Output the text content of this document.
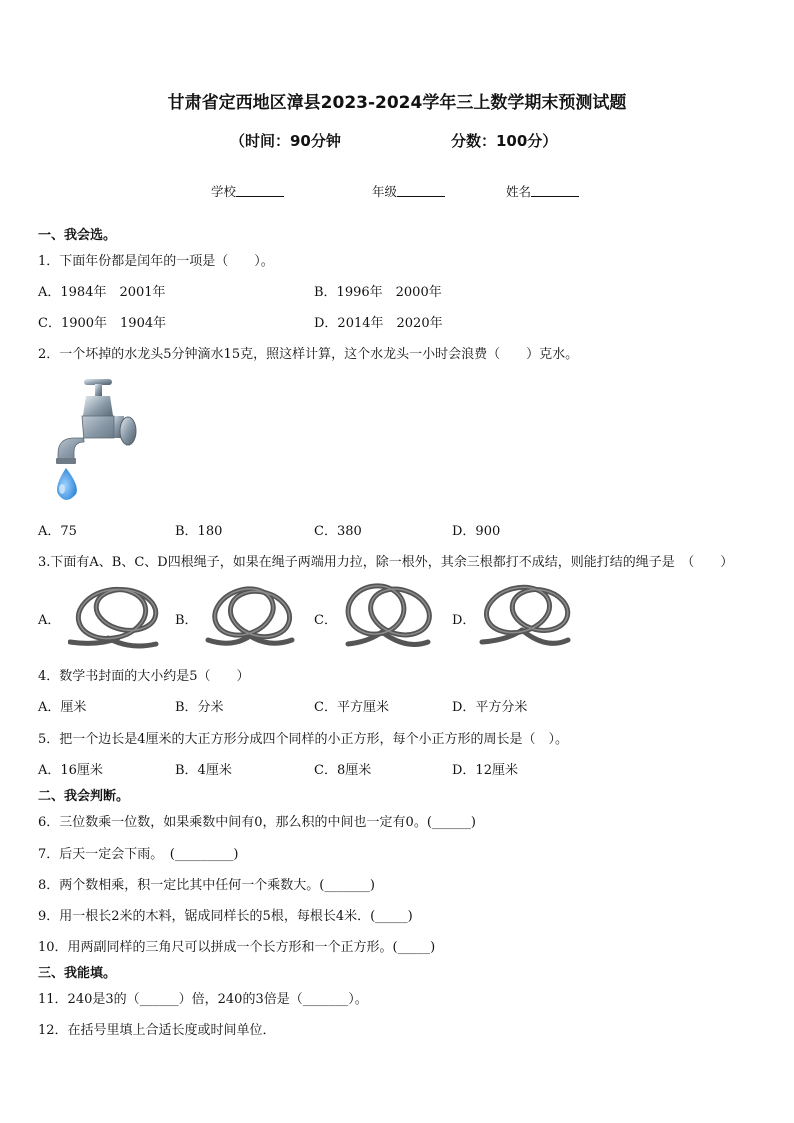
甘肃省定西地区漳县2023-2024学年三上数学期末预测试题
（时间：90分钟	分数：100分）
学校	年级	姓名
一、我会选。
1．下面年份都是闰年的一项是（　　）。
A．1984年　2001年	B．1996年　2000年
C．1900年　1904年	D．2014年　2020年
2．一个坏掉的水龙头5分钟滴水15克，照这样计算，这个水龙头一小时会浪费（　　）克水。
A．75	B．180	C．380	D．900
3.下面有A、B、C、D四根绳子，如果在绳子两端用力拉，除一根外，其余三根都打不成结，则能打结的绳子是　（　　）
A．	B．	C．	D．
4．数学书封面的大小约是5（　　）
A．厘米	B．分米	C．平方厘米	D．平方分米
5．把一个边长是4厘米的大正方形分成四个同样的小正方形，每个小正方形的周长是（　）。
A．16厘米	B．4厘米	C．8厘米	D．12厘米
二、我会判断。
6．三位数乘一位数，如果乘数中间有0，那么积的中间也一定有0。(______)
7．后天一定会下雨。　(_________)
8．两个数相乘，积一定比其中任何一个乘数大。(_______)
9．用一根长2米的木料，锯成同样长的5根，每根长4米．(_____)
10．用两副同样的三角尺可以拼成一个长方形和一个正方形。(_____)
三、我能填。
11．240是3的（______）倍，240的3倍是（_______）。
12．在括号里填上合适长度或时间单位．
